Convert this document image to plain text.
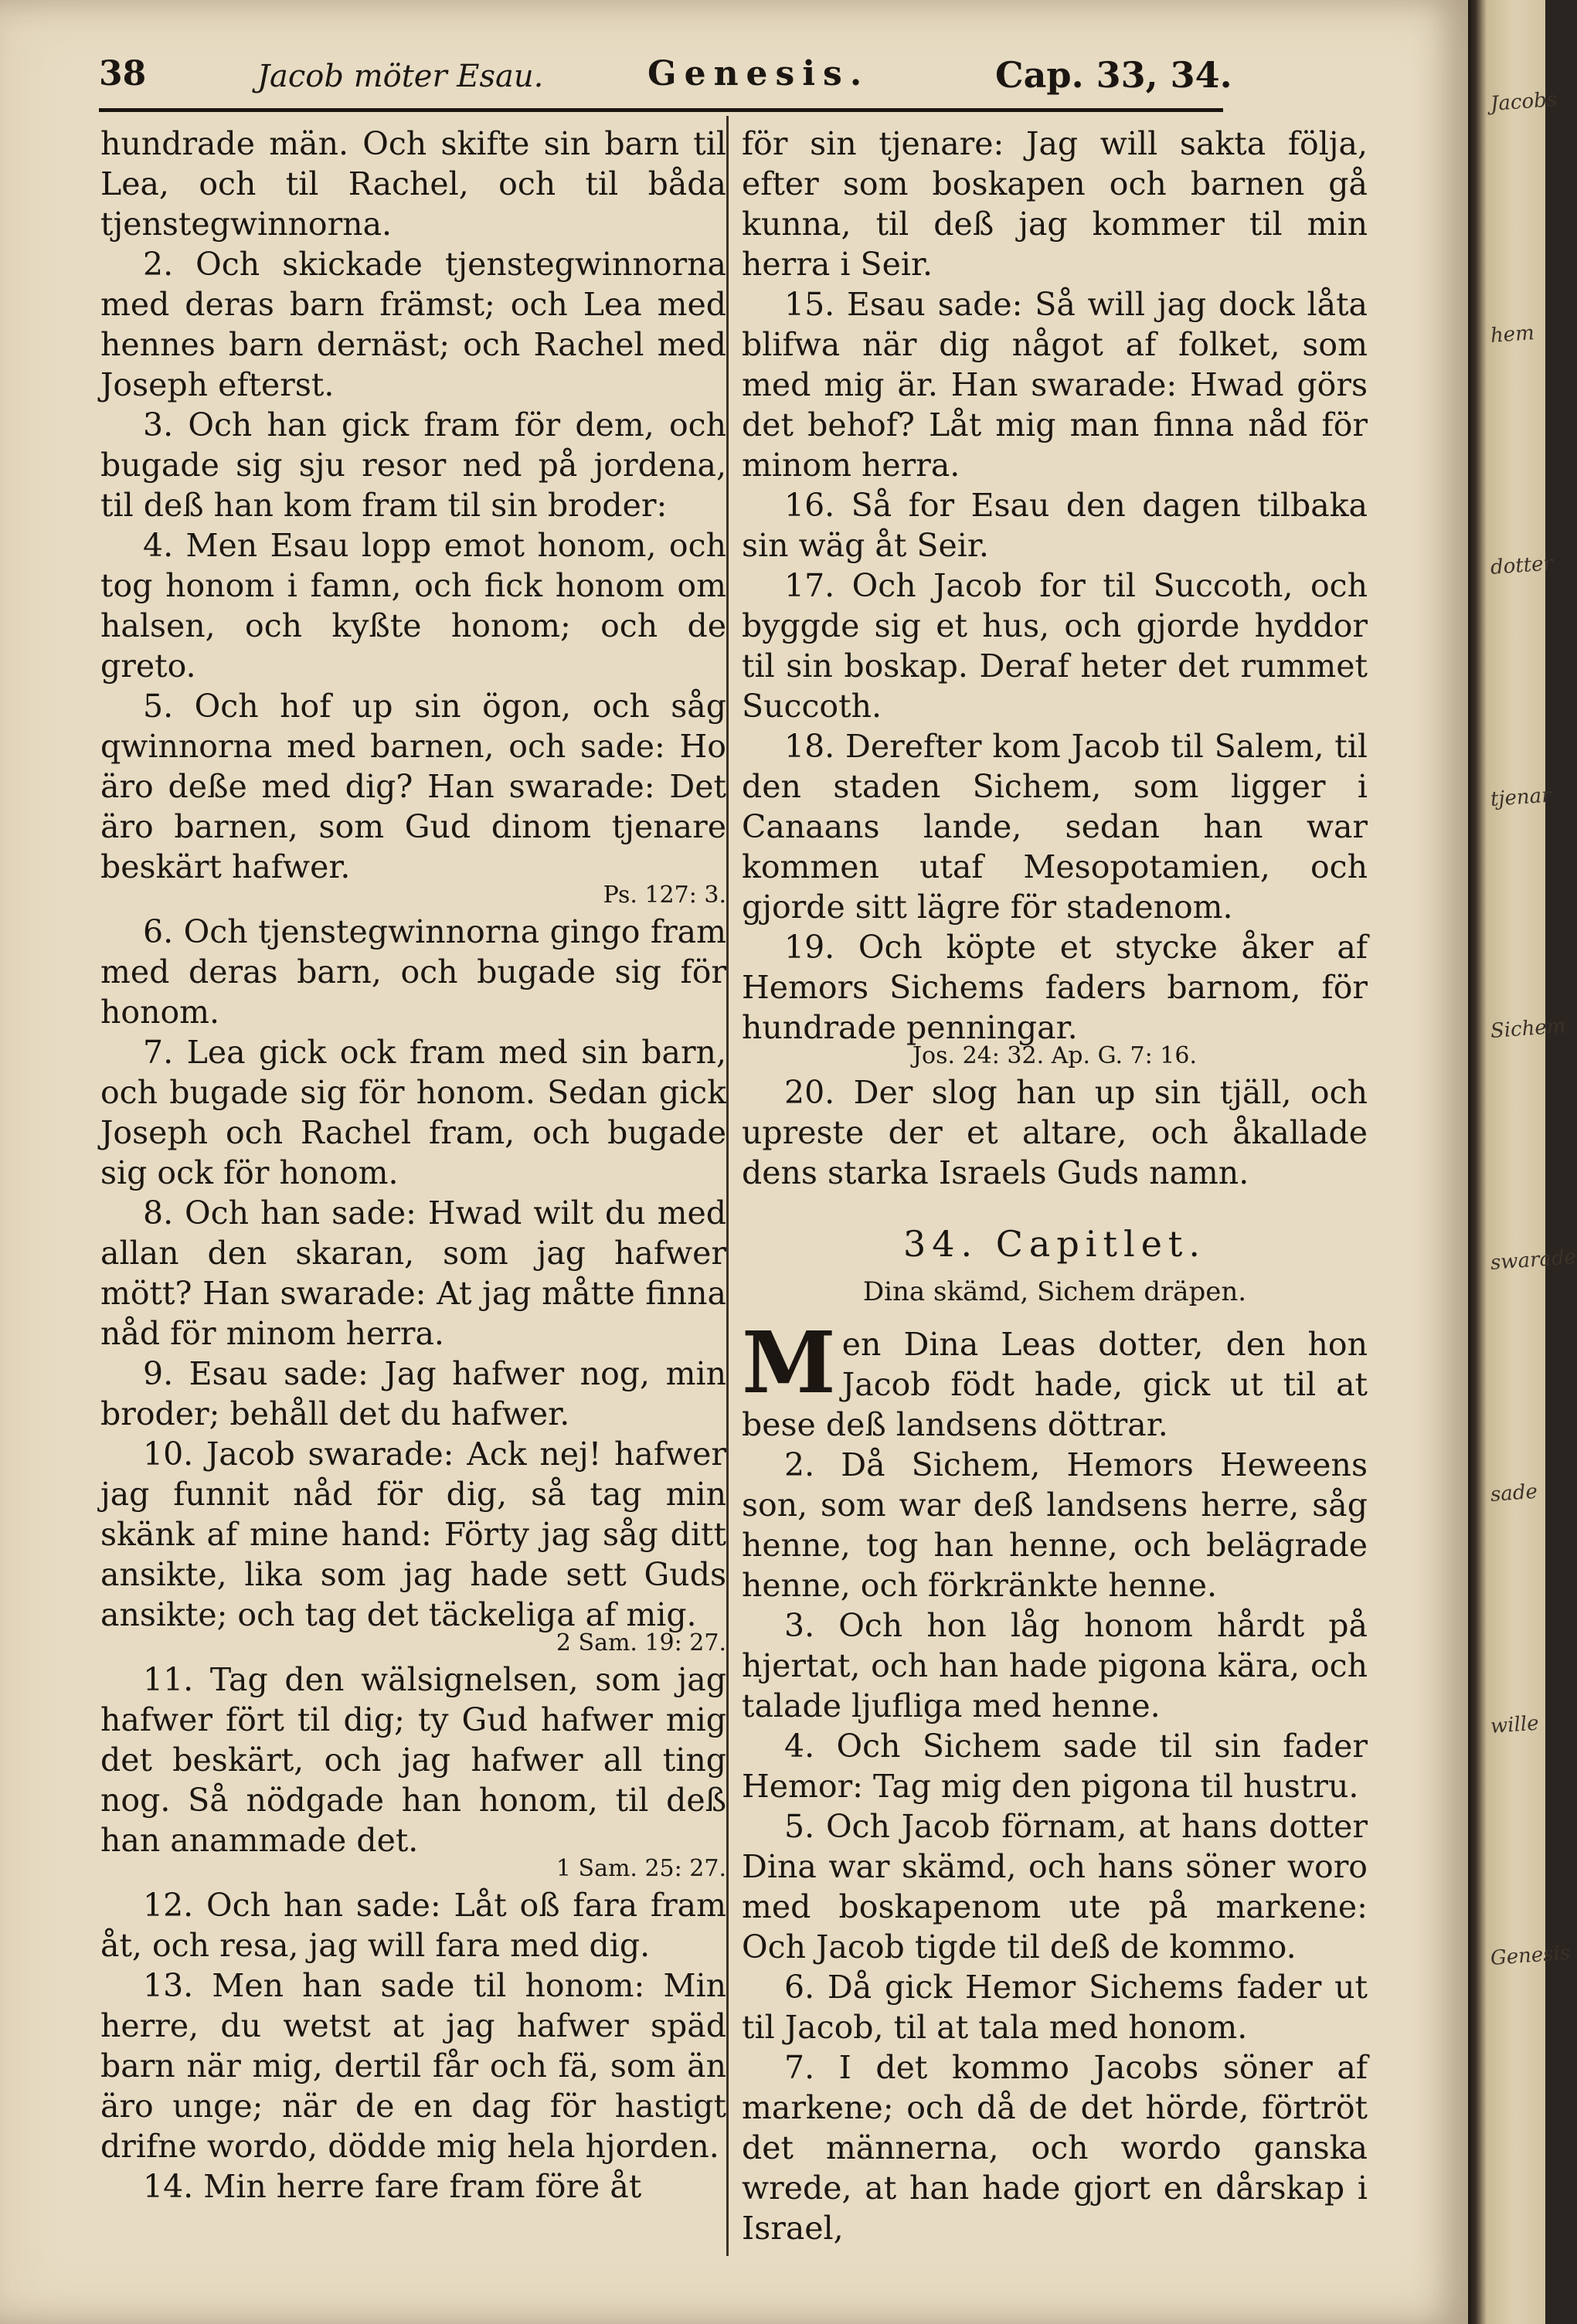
38	Jacob möter Esau.	Genesis.	Cap. 33, 34.

hundrade män. Och skifte sin barn til Lea, och til Rachel, och til båda tjenstegwinnorna.

2. Och skickade tjenstegwinnorna med deras barn främst; och Lea med hennes barn dernäst; och Rachel med Joseph efterst.

3. Och han gick fram för dem, och bugade sig sju resor ned på jordena, til deß han kom fram til sin broder:

4. Men Esau lopp emot honom, och tog honom i famn, och fick honom om halsen, och kyßte honom; och de greto.

5. Och hof up sin ögon, och såg qwinnorna med barnen, och sade: Ho äro deße med dig? Han swarade: Det äro barnen, som Gud dinom tjenare beskärt hafwer.

Ps. 127: 3.

6. Och tjenstegwinnorna gingo fram med deras barn, och bugade sig för honom.

7. Lea gick ock fram med sin barn, och bugade sig för honom. Sedan gick Joseph och Rachel fram, och bugade sig ock för honom.

8. Och han sade: Hwad wilt du med allan den skaran, som jag hafwer mött? Han swarade: At jag måtte finna nåd för minom herra.

9. Esau sade: Jag hafwer nog, min broder; behåll det du hafwer.

10. Jacob swarade: Ack nej! hafwer jag funnit nåd för dig, så tag min skänk af mine hand: Förty jag såg ditt ansikte, lika som jag hade sett Guds ansikte; och tag det täckeliga af mig.

2 Sam. 19: 27.

11. Tag den wälsignelsen, som jag hafwer fört til dig; ty Gud hafwer mig det beskärt, och jag hafwer all ting nog. Så nödgade han honom, til deß han anammade det.

1 Sam. 25: 27.

12. Och han sade: Låt oß fara fram åt, och resa, jag will fara med dig.

13. Men han sade til honom: Min herre, du wetst at jag hafwer späd barn när mig, dertil får och fä, som än äro unge; när de en dag för hastigt drifne wordo, dödde mig hela hjorden.

14. Min herre fare fram före åt

för sin tjenare: Jag will sakta följa, efter som boskapen och barnen gå kunna, til deß jag kommer til min herra i Seir.

15. Esau sade: Så will jag dock låta blifwa när dig något af folket, som med mig är. Han swarade: Hwad görs det behof? Låt mig man finna nåd för minom herra.

16. Så for Esau den dagen tilbaka sin wäg åt Seir.

17. Och Jacob for til Succoth, och byggde sig et hus, och gjorde hyddor til sin boskap. Deraf heter det rummet Succoth.

18. Derefter kom Jacob til Salem, til den staden Sichem, som ligger i Canaans lande, sedan han war kommen utaf Mesopotamien, och gjorde sitt lägre för stadenom.

19. Och köpte et stycke åker af Hemors Sichems faders barnom, för hundrade penningar.

Jos. 24: 32. Ap. G. 7: 16.

20. Der slog han up sin tjäll, och upreste der et altare, och åkallade dens starka Israels Guds namn.

34. Capitlet.
Dina skämd, Sichem dräpen.

M en Dina Leas dotter, den hon Jacob födt hade, gick ut til at bese deß landsens döttrar.

2. Då Sichem, Hemors Heweens son, som war deß landsens herre, såg henne, tog han henne, och belägrade henne, och förkränkte henne.

3. Och hon låg honom hårdt på hjertat, och han hade pigona kära, och talade ljufliga med henne.

4. Och Sichem sade til sin fader Hemor: Tag mig den pigona til hustru.

5. Och Jacob förnam, at hans dotter Dina war skämd, och hans söner woro med boskapenom ute på markene: Och Jacob tigde til deß de kommo.

6. Då gick Hemor Sichems fader ut til Jacob, til at tala med honom.

7. I det kommo Jacobs söner af markene; och då de det hörde, förtröt det männerna, och wordo ganska wrede, at han hade gjort en dårskap i Israel,

Jacobs
hem
dotter
tjenar
Sichem
swarade
sade
wille
Genesis
